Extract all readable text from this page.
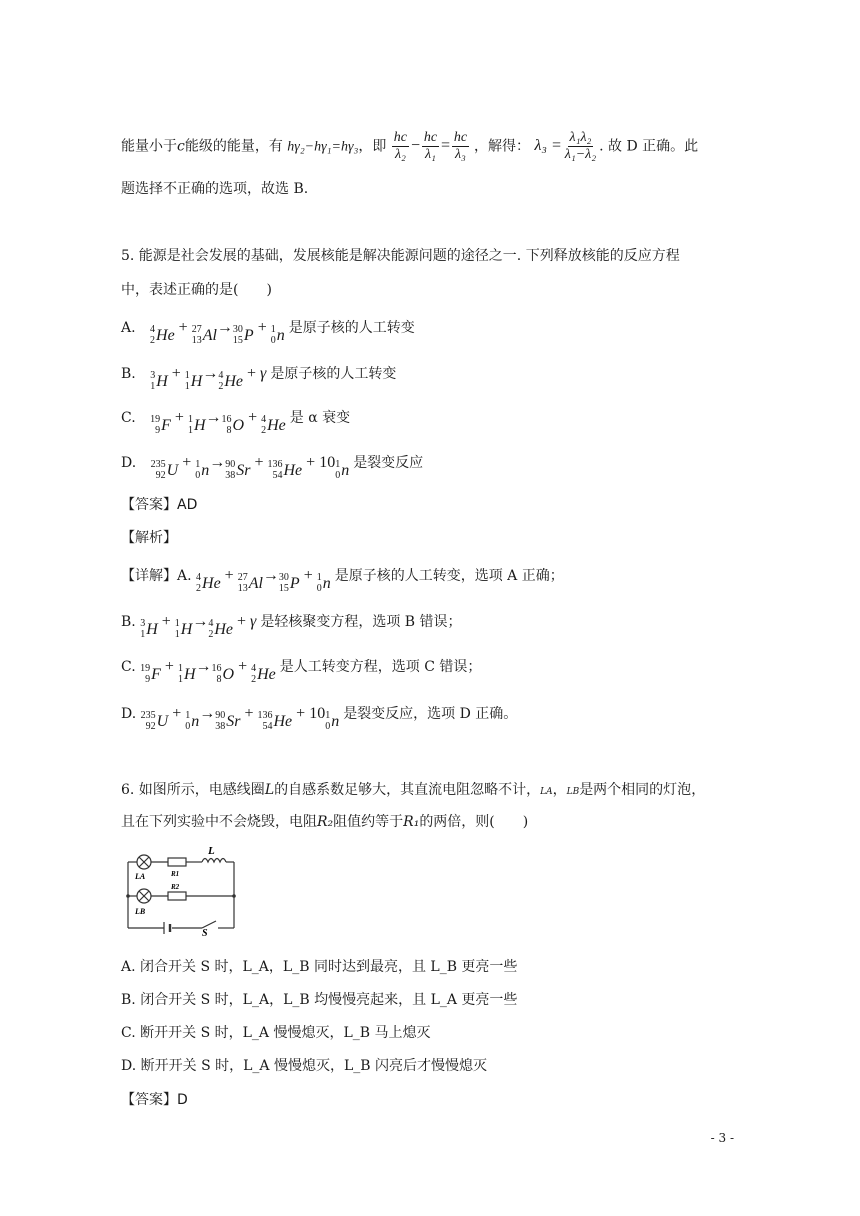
能量小于c能级的能量，有 hγ₂−hγ₁=hγ₃，即 $\frac{hc}{\text{λ₂}} - \frac{hc}{\text{λ₁}} = \frac{hc}{\text{λ₃}}$ ，解得： $\lambda_3 = \frac{\text{λ₁λ₂}}{\text{λ₁−λ₂}}$ . 故 D 正确。此
题选择不正确的选项，故选 B.
5. 能源是社会发展的基础，发展核能是解决能源问题的途径之一. 下列释放核能的反应方程
中，表述正确的是(　　)
A. 4
2 He + 27
13 Al → 30
15 P + 1
0 n 是原子核的人工转变
B. 3
1 H + 1
1 H → 4
2 He + γ 是原子核的人工转变
C. 19
9 F + 1
1 H → 16
8 O + 4
2 He 是 α 衰变
D. 235
92 U + 1
0 n → 90
38 Sr + 136
54 He + 10 1
0 n 是裂变反应
【答案】AD
【解析】
【详解】A. 4
2 He + 27
13 Al → 30
15 P + 1
0 n 是原子核的人工转变，选项 A 正确；
B. 3
1 H + 1
1 H → 4
2 He + γ 是轻核聚变方程，选项 B 错误；
C. 19
9 F + 1
1 H → 16
8 O + 4
2 He 是人工转变方程，选项 C 错误；
D. 235
92 U + 1
0 n → 90
38 Sr + 136
54 He + 10 1
0 n 是裂变反应，选项 D 正确。
6. 如图所示，电感线圈L的自感系数足够大，其直流电阻忽略不计，LA，LB是两个相同的灯泡，
且在下列实验中不会烧毁，电阻R₂阻值约等于R₁的两倍，则(　　)
L
LA	R1
LB
R2
S
A. 闭合开关 S 时，L_A，L_B 同时达到最亮，且 L_B 更亮一些
B. 闭合开关 S 时，L_A，L_B 均慢慢亮起来，且 L_A 更亮一些
C. 断开开关 S 时，L_A 慢慢熄灭，L_B 马上熄灭
D. 断开开关 S 时，L_A 慢慢熄灭，L_B 闪亮后才慢慢熄灭
【答案】D
- 3 -
